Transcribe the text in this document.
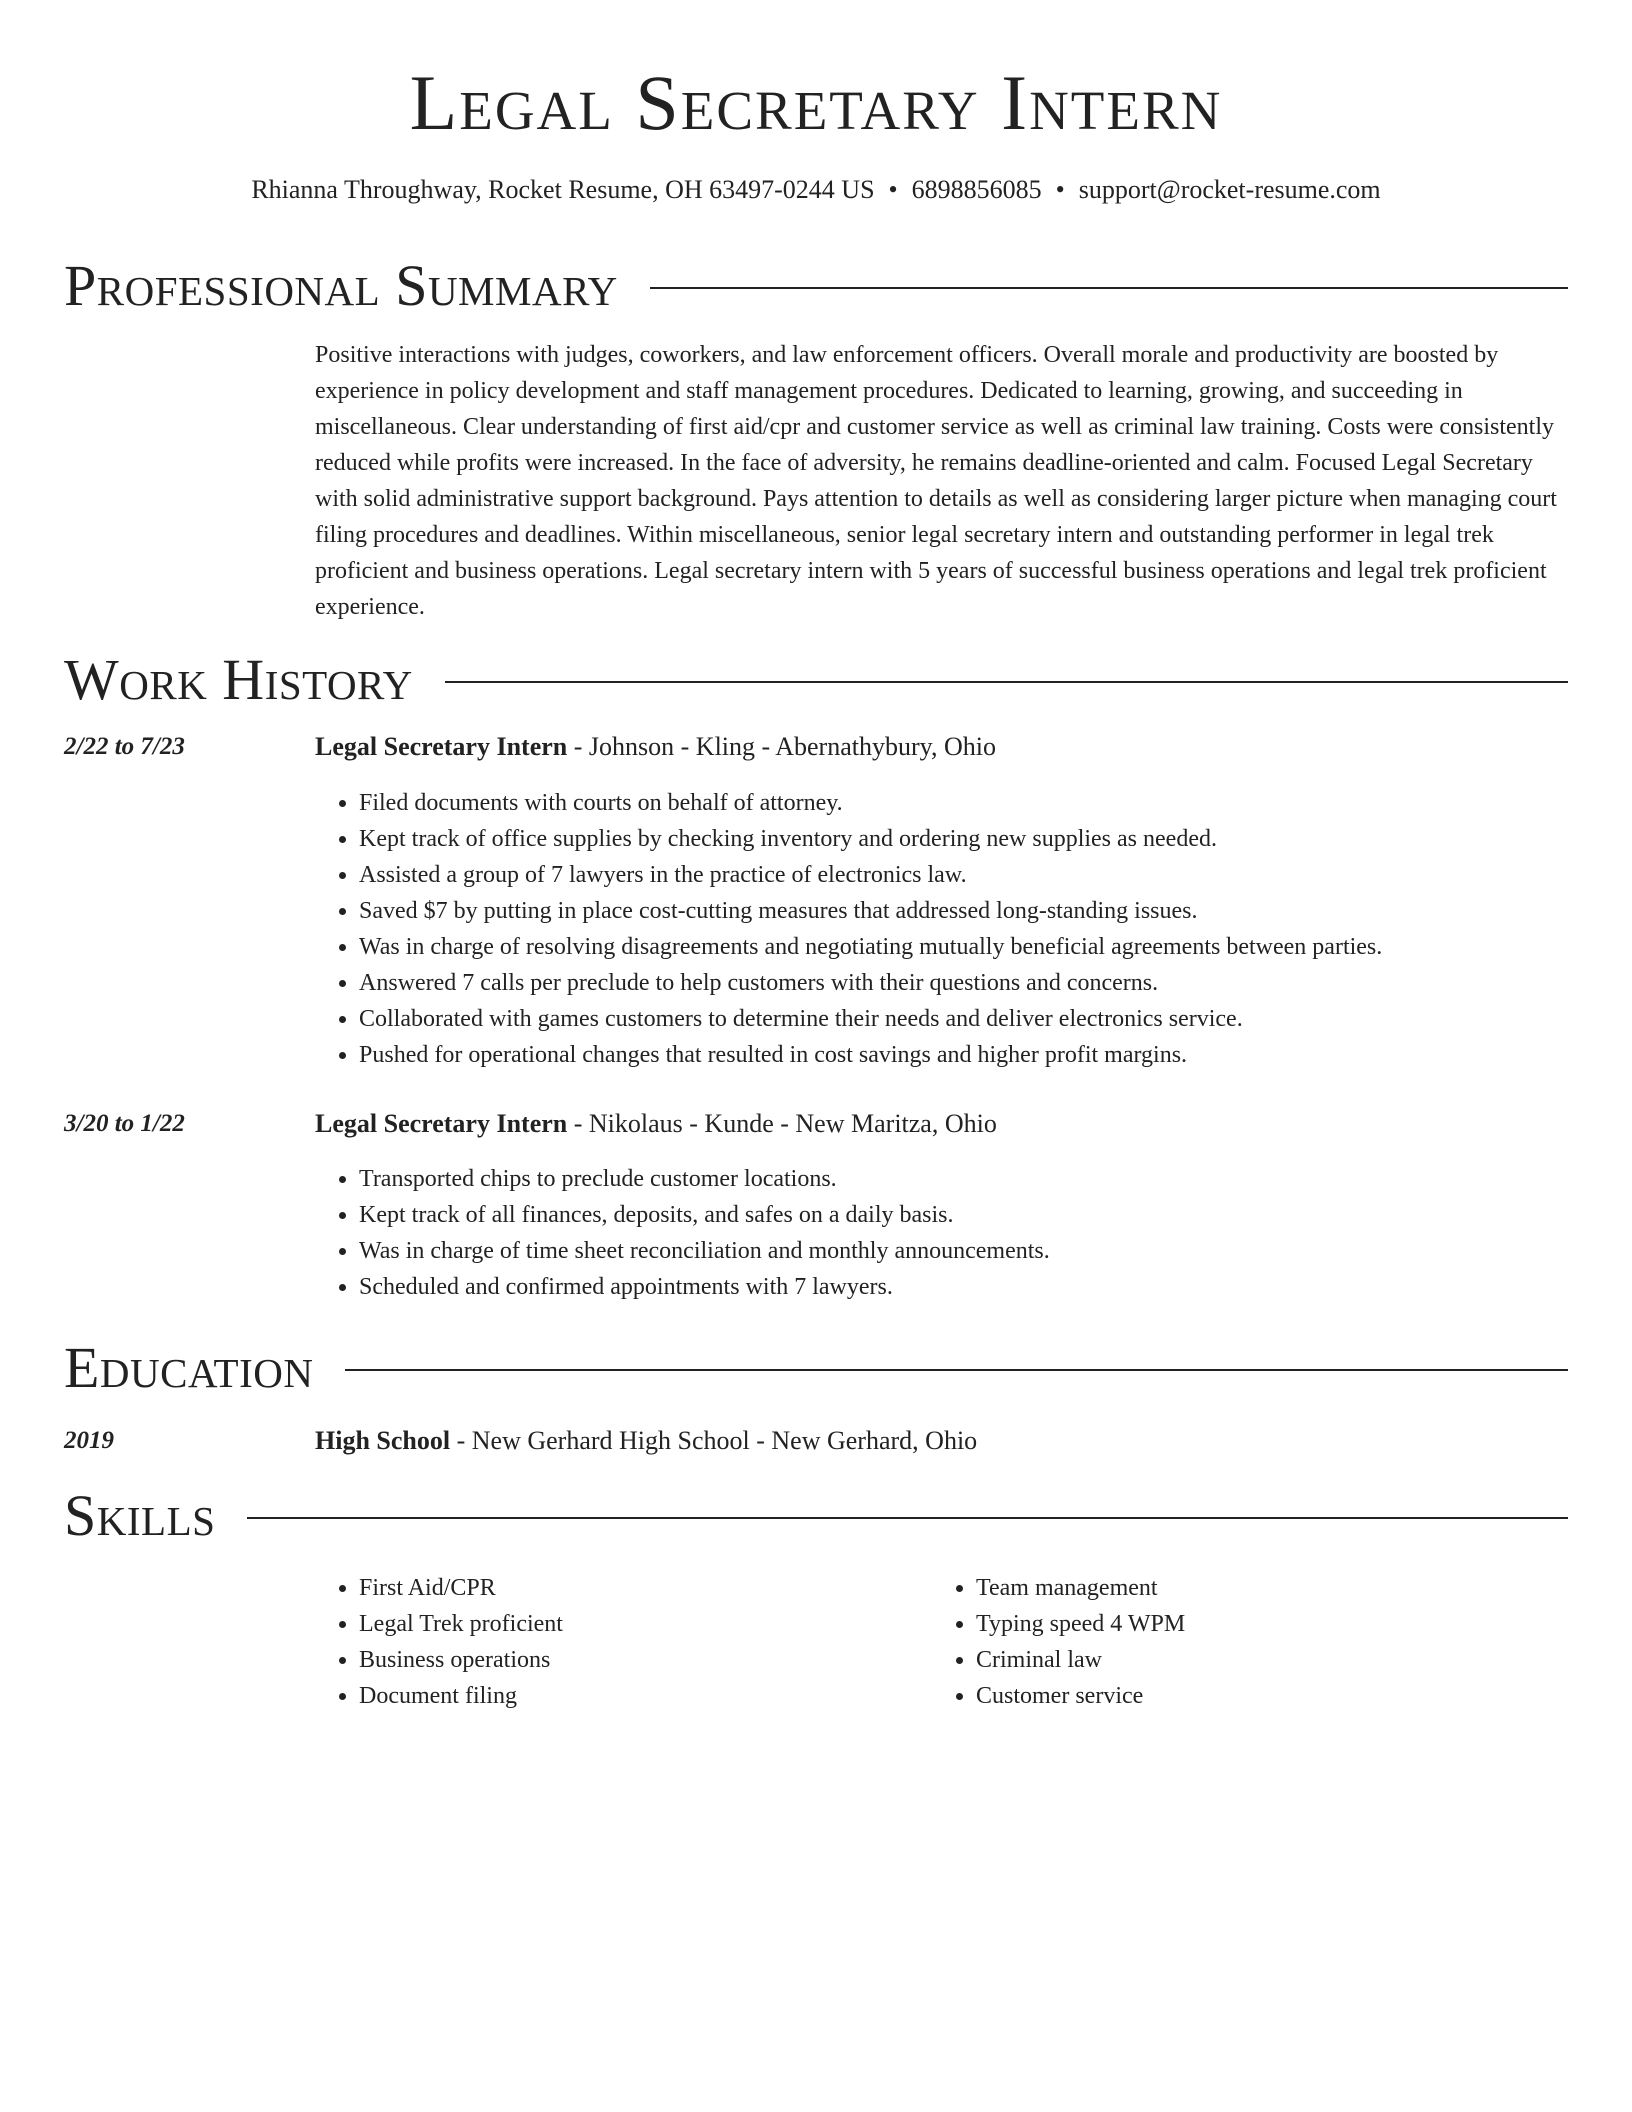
Legal Secretary Intern
Rhianna Throughway, Rocket Resume, OH 63497-0244 US • 6898856085 • support@rocket-resume.com
Professional Summary
Positive interactions with judges, coworkers, and law enforcement officers. Overall morale and productivity are boosted by experience in policy development and staff management procedures. Dedicated to learning, growing, and succeeding in miscellaneous. Clear understanding of first aid/cpr and customer service as well as criminal law training. Costs were consistently reduced while profits were increased. In the face of adversity, he remains deadline-oriented and calm. Focused Legal Secretary with solid administrative support background. Pays attention to details as well as considering larger picture when managing court filing procedures and deadlines. Within miscellaneous, senior legal secretary intern and outstanding performer in legal trek proficient and business operations. Legal secretary intern with 5 years of successful business operations and legal trek proficient experience.
Work History
2/22 to 7/23	Legal Secretary Intern - Johnson - Kling - Abernathybury, Ohio
• Filed documents with courts on behalf of attorney.
• Kept track of office supplies by checking inventory and ordering new supplies as needed.
• Assisted a group of 7 lawyers in the practice of electronics law.
• Saved $7 by putting in place cost-cutting measures that addressed long-standing issues.
• Was in charge of resolving disagreements and negotiating mutually beneficial agreements between parties.
• Answered 7 calls per preclude to help customers with their questions and concerns.
• Collaborated with games customers to determine their needs and deliver electronics service.
• Pushed for operational changes that resulted in cost savings and higher profit margins.
3/20 to 1/22	Legal Secretary Intern - Nikolaus - Kunde - New Maritza, Ohio
• Transported chips to preclude customer locations.
• Kept track of all finances, deposits, and safes on a daily basis.
• Was in charge of time sheet reconciliation and monthly announcements.
• Scheduled and confirmed appointments with 7 lawyers.
Education
2019	High School - New Gerhard High School - New Gerhard, Ohio
Skills
• First Aid/CPR
• Legal Trek proficient
• Business operations
• Document filing
• Team management
• Typing speed 4 WPM
• Criminal law
• Customer service
